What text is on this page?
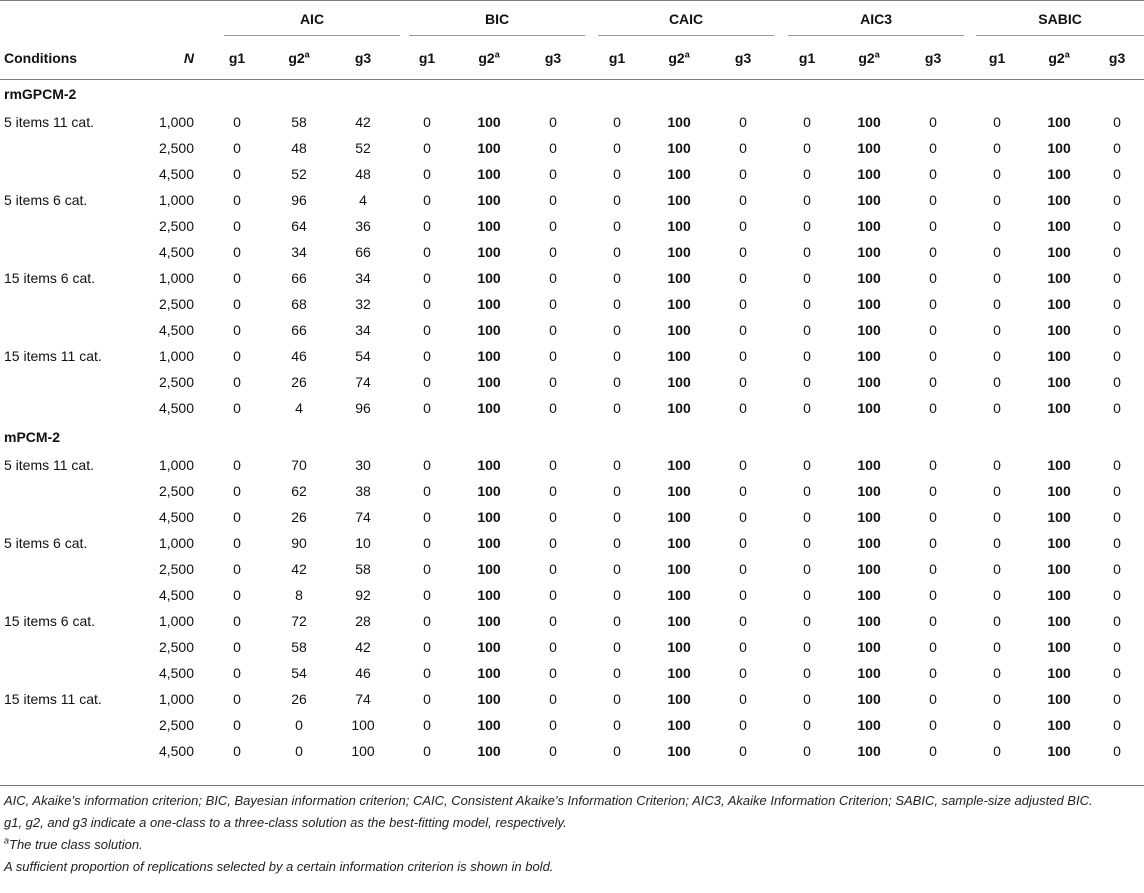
		AIC			BIC			CAIC			AIC3			SABIC		
Conditions	N	g1	g2$^a$	g3	g1	g2$^a$	g3	g1	g2$^a$	g3	g1	g2$^a$	g3	g1	g2$^a$	g3
rmGPCM-2																
5 items 11 cat.	1,000	0	58	42	0	100	0	0	100	0	0	100	0	0	100	0
	2,500	0	48	52	0	100	0	0	100	0	0	100	0	0	100	0
	4,500	0	52	48	0	100	0	0	100	0	0	100	0	0	100	0
5 items 6 cat.	1,000	0	96	4	0	100	0	0	100	0	0	100	0	0	100	0
	2,500	0	64	36	0	100	0	0	100	0	0	100	0	0	100	0
	4,500	0	34	66	0	100	0	0	100	0	0	100	0	0	100	0
15 items 6 cat.	1,000	0	66	34	0	100	0	0	100	0	0	100	0	0	100	0
	2,500	0	68	32	0	100	0	0	100	0	0	100	0	0	100	0
	4,500	0	66	34	0	100	0	0	100	0	0	100	0	0	100	0
15 items 11 cat.	1,000	0	46	54	0	100	0	0	100	0	0	100	0	0	100	0
	2,500	0	26	74	0	100	0	0	100	0	0	100	0	0	100	0
	4,500	0	4	96	0	100	0	0	100	0	0	100	0	0	100	0
mPCM-2																
5 items 11 cat.	1,000	0	70	30	0	100	0	0	100	0	0	100	0	0	100	0
	2,500	0	62	38	0	100	0	0	100	0	0	100	0	0	100	0
	4,500	0	26	74	0	100	0	0	100	0	0	100	0	0	100	0
5 items 6 cat.	1,000	0	90	10	0	100	0	0	100	0	0	100	0	0	100	0
	2,500	0	42	58	0	100	0	0	100	0	0	100	0	0	100	0
	4,500	0	8	92	0	100	0	0	100	0	0	100	0	0	100	0
15 items 6 cat.	1,000	0	72	28	0	100	0	0	100	0	0	100	0	0	100	0
	2,500	0	58	42	0	100	0	0	100	0	0	100	0	0	100	0
	4,500	0	54	46	0	100	0	0	100	0	0	100	0	0	100	0
15 items 11 cat.	1,000	0	26	74	0	100	0	0	100	0	0	100	0	0	100	0
	2,500	0	0	100	0	100	0	0	100	0	0	100	0	0	100	0
	4,500	0	0	100	0	100	0	0	100	0	0	100	0	0	100	0

AIC, Akaike’s information criterion; BIC, Bayesian information criterion; CAIC, Consistent Akaike’s Information Criterion; AIC3, Akaike Information Criterion; SABIC, sample-size adjusted BIC.

g1, g2, and g3 indicate a one-class to a three-class solution as the best-fitting model, respectively.

$^a$The true class solution.

A sufficient proportion of replications selected by a certain information criterion is shown in bold.
